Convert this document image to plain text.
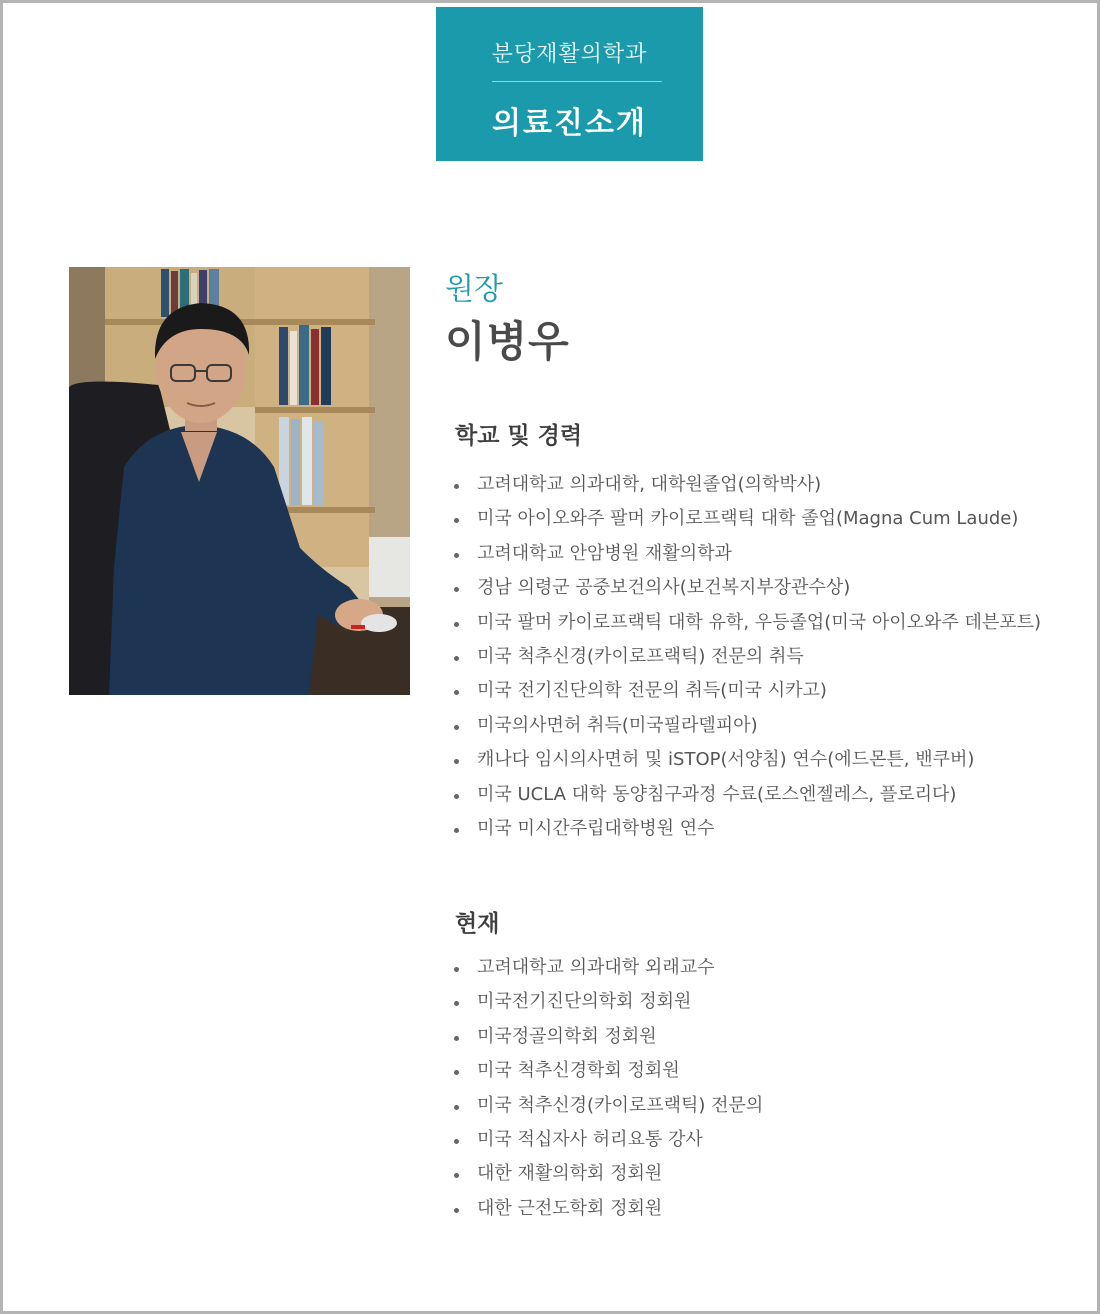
분당재활의학과
의료진소개
원장
이병우
학교 및 경력
고려대학교 의과대학, 대학원졸업(의학박사)
미국 아이오와주 팔머 카이로프랙틱 대학 졸업(Magna Cum Laude)
고려대학교 안암병원 재활의학과
경남 의령군 공중보건의사(보건복지부장관수상)
미국 팔머 카이로프랙틱 대학 유학, 우등졸업(미국 아이오와주 데븐포트)
미국 척추신경(카이로프랙틱) 전문의 취득
미국 전기진단의학 전문의 취득(미국 시카고)
미국의사면허 취득(미국필라델피아)
캐나다 임시의사면허 및 iSTOP(서양침) 연수(에드몬튼, 밴쿠버)
미국 UCLA 대학 동양침구과정 수료(로스엔젤레스, 플로리다)
미국 미시간주립대학병원 연수
현재
고려대학교 의과대학 외래교수
미국전기진단의학회 정회원
미국정골의학회 정회원
미국 척추신경학회 정회원
미국 척추신경(카이로프랙틱) 전문의
미국 적십자사 허리요통 강사
대한 재활의학회 정회원
대한 근전도학회 정회원
